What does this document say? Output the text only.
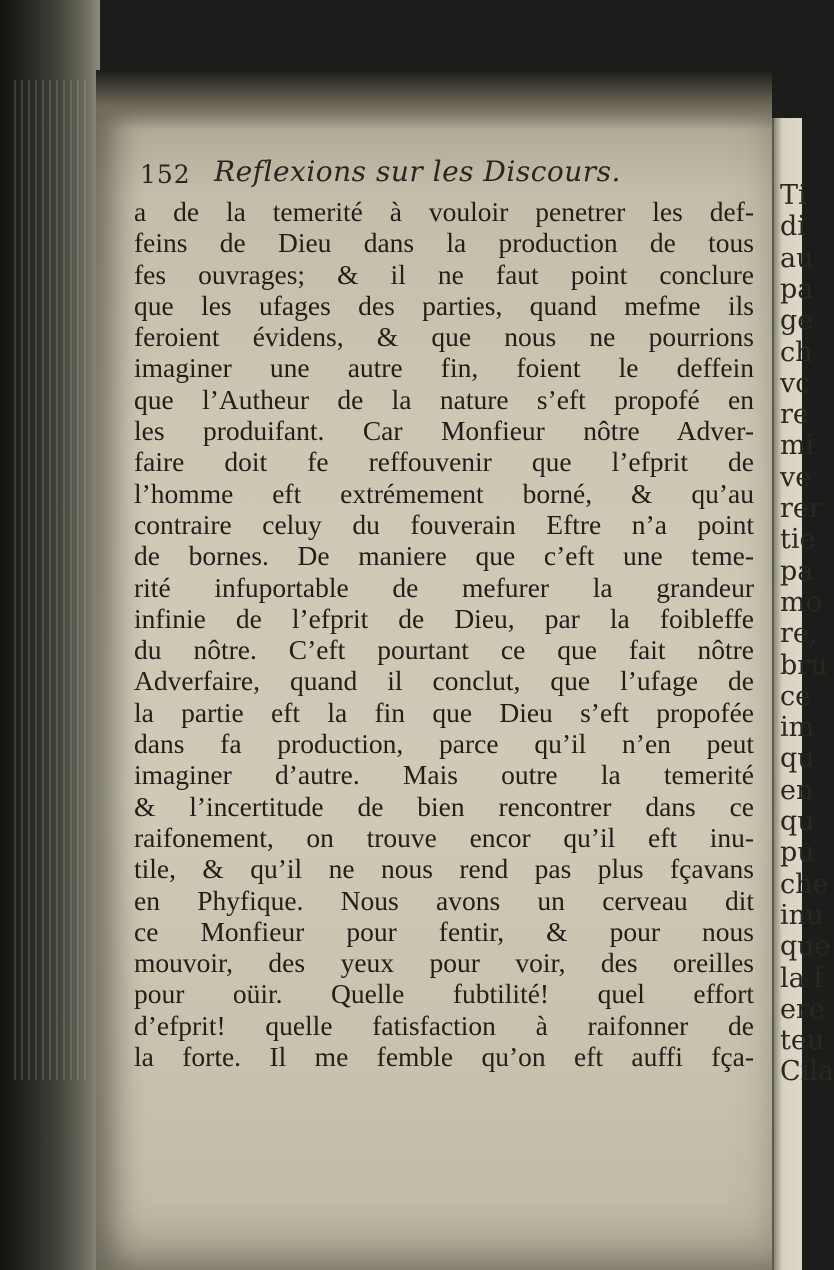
Ti
di
au
pa
ge
ch
vc
re
mi
ve
rer
tie
pa
mo
re,
bru
ce
im
qu
en
qu
pu
che
inu
que
la f
ere
teu
Cila
152 Reflexions sur les Discours.
a de la temerité à vouloir penetrer les def-
feins de Dieu dans la production de tous
fes ouvrages; & il ne faut point conclure
que les ufages des parties, quand mefme ils
feroient évidens, & que nous ne pourrions
imaginer une autre fin, foient le deffein
que l’Autheur de la nature s’eft propofé en
les produifant. Car Monfieur nôtre Adver-
faire doit fe reffouvenir que l’efprit de
l’homme eft extrémement borné, & qu’au
contraire celuy du fouverain Eftre n’a point
de bornes. De maniere que c’eft une teme-
rité infuportable de mefurer la grandeur
infinie de l’efprit de Dieu, par la foibleffe
du nôtre. C’eft pourtant ce que fait nôtre
Adverfaire, quand il conclut, que l’ufage de
la partie eft la fin que Dieu s’eft propofée
dans fa production, parce qu’il n’en peut
imaginer d’autre. Mais outre la temerité
& l’incertitude de bien rencontrer dans ce
raifonement, on trouve encor qu’il eft inu-
tile, & qu’il ne nous rend pas plus fçavans
en Phyfique. Nous avons un cerveau dit
ce Monfieur pour fentir, & pour nous
mouvoir, des yeux pour voir, des oreilles
pour oüir. Quelle fubtilité! quel effort
d’efprit! quelle fatisfaction à raifonner de
la forte. Il me femble qu’on eft auffi fça-
